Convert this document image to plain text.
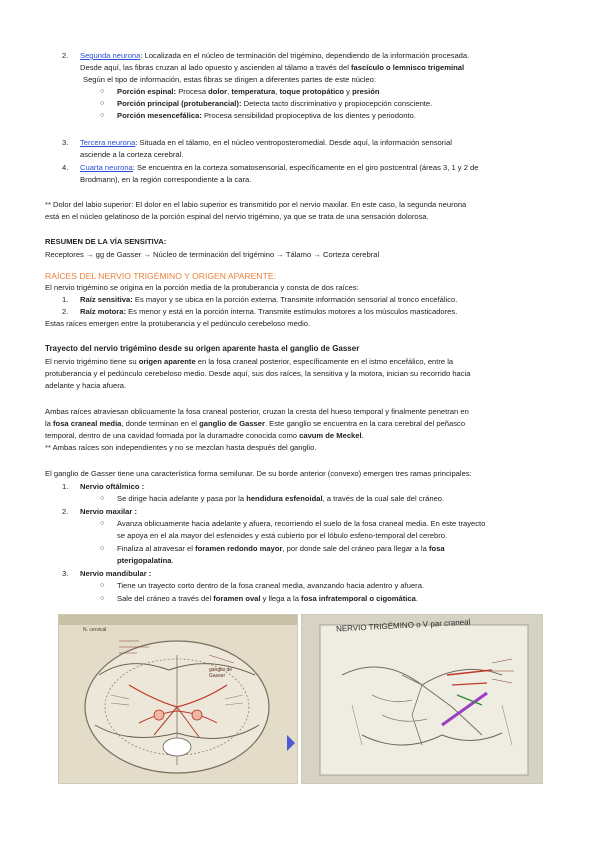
2. Segunda neurona: Localizada en el núcleo de terminación del trigémino, dependiendo de la información procesada.
Desde aquí, las fibras cruzan al lado opuesto y ascienden al tálamo a través del fascículo o lemnisco trigeminal
Según el tipo de información, estas fibras se dirigen a diferentes partes de este núcleo:
○ Porción espinal: Procesa dolor, temperatura, toque protopático y presión
○ Porción principal (protuberancial): Detecta tacto discriminativo y propiocepción consciente.
○ Porción mesencefálica: Procesa sensibilidad propioceptiva de los dientes y periodonto.
3. Tercera neurona: Situada en el tálamo, en el núcleo ventroposteromedial. Desde aquí, la información sensorial
asciende a la corteza cerebral.
4. Cuarta neurona: Se encuentra en la corteza somatosensorial, específicamente en el giro postcentral (áreas 3, 1 y 2 de
Brodmann), en la región correspondiente a la cara.
** Dolor del labio superior: El dolor en el labio superior es transmitido por el nervio maxilar. En este caso, la segunda neurona
está en el núcleo gelatinoso de la porción espinal del nervio trigémino, ya que se trata de una sensación dolorosa.
RESUMEN DE LA VÍA SENSITIVA:
Receptores → gg de Gasser → Núcleo de terminación del trigémino → Tálamo → Corteza cerebral
RAÍCES DEL NERVIO TRIGÉMINO Y ORIGEN APARENTE:
El nervio trigémino se origina en la porción media de la protuberancia y consta de dos raíces:
1. Raíz sensitiva: Es mayor y se ubica en la porción externa. Transmite información sensorial al tronco encefálico.
2. Raíz motora: Es menor y está en la porción interna. Transmite estímulos motores a los músculos masticadores.
Estas raíces emergen entre la protuberancia y el pedúnculo cerebeloso medio.
Trayecto del nervio trigémino desde su origen aparente hasta el ganglio de Gasser
El nervio trigémino tiene su origen aparente en la fosa craneal posterior, específicamente en el istmo encefálico, entre la
protuberancia y el pedúnculo cerebeloso medio. Desde aquí, sus dos raíces, la sensitiva y la motora, inician su recorrido hacia
adelante y hacia afuera.
Ambas raíces atraviesan oblicuamente la fosa craneal posterior, cruzan la cresta del hueso temporal y finalmente penetran en
la fosa craneal media, donde terminan en el ganglio de Gasser. Este ganglio se encuentra en la cara cerebral del peñasco
temporal, dentro de una cavidad formada por la duramadre conocida como cavum de Meckel.
** Ambas raíces son independientes y no se mezclan hasta después del ganglio.
El ganglio de Gasser tiene una característica forma semilunar. De su borde anterior (convexo) emergen tres ramas principales:
1. Nervio oftálmico :
○ Se dirige hacia adelante y pasa por la hendidura esfenoidal, a través de la cual sale del cráneo.
2. Nervio maxilar :
○ Avanza oblicuamente hacia adelante y afuera, recorriendo el suelo de la fosa craneal media. En este trayecto
se apoya en el ala mayor del esfenoides y está cubierto por el lóbulo esfeno-temporal del cerebro.
○ Finaliza al atravesar el foramen redondo mayor, por donde sale del cráneo para llegar a la fosa
pterigopalatina.
3. Nervio mandibular :
○ Tiene un trayecto corto dentro de la fosa craneal media, avanzando hacia adentro y afuera.
○ Sale del cráneo a través del foramen oval y llega a la fosa infratemporal o cigomática.
N. cervical
ganglio de
Gasser
NERVIO TRIGÉMINO o V par craneal
